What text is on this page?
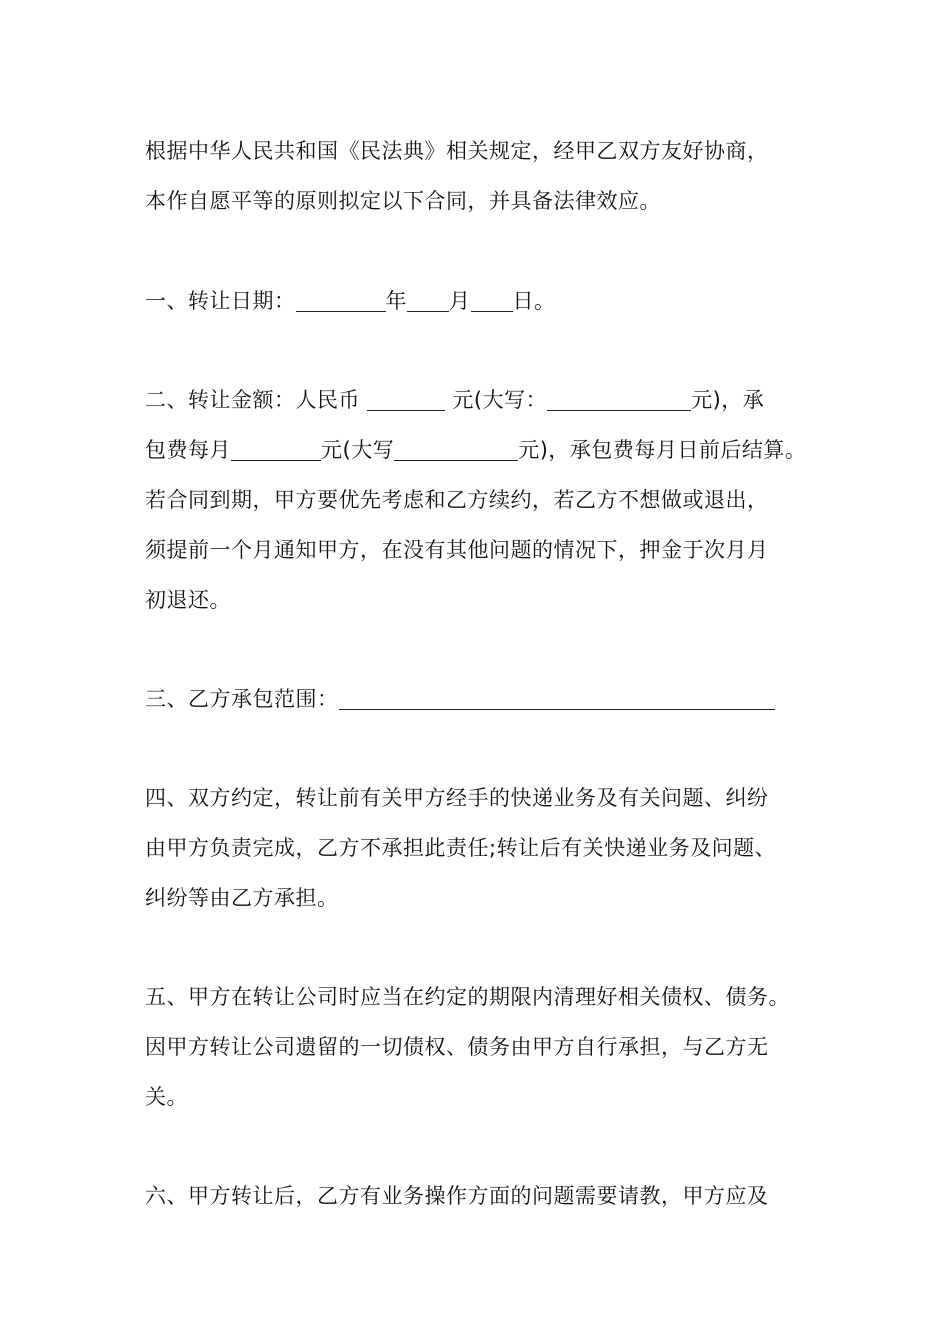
根据中华人民共和国《民法典》相关规定，经甲乙双方友好协商，
本作自愿平等的原则拟定以下合同，并具备法律效应。
一、转让日期：	年 月 日。
二、转让金额：人民币	元(大写：	元)，承
包费每月	元(大写	元)，承包费每月日前后结算。
若合同到期，甲方要优先考虑和乙方续约，若乙方不想做或退出，
须提前一个月通知甲方，在没有其他问题的情况下，押金于次月月
初退还。
三、乙方承包范围：
四、双方约定，转让前有关甲方经手的快递业务及有关问题、纠纷
由甲方负责完成，乙方不承担此责任;转让后有关快递业务及问题、
纠纷等由乙方承担。
五、甲方在转让公司时应当在约定的期限内清理好相关债权、债务。
因甲方转让公司遗留的一切债权、债务由甲方自行承担，与乙方无
关。
六、甲方转让后，乙方有业务操作方面的问题需要请教，甲方应及
